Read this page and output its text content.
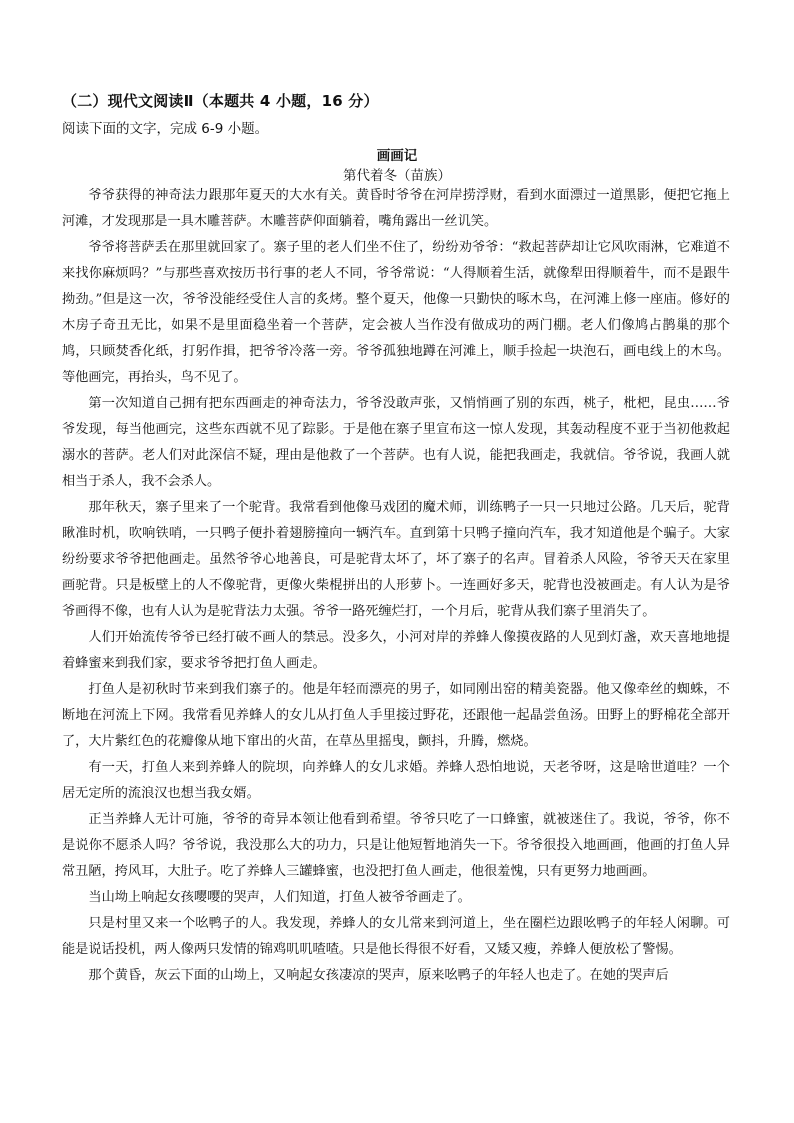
（二）现代文阅读Ⅱ（本题共 4 小题，16 分）
阅读下面的文字，完成 6-9 小题。
画画记
第代着冬（苗族）

爷爷获得的神奇法力跟那年夏天的大水有关。黄昏时爷爷在河岸捞浮财，看到水面漂过一道黑影，便把它拖上河滩，才发现那是一具木雕菩萨。木雕菩萨仰面躺着，嘴角露出一丝讥笑。

爷爷将菩萨丢在那里就回家了。寨子里的老人们坐不住了，纷纷劝爷爷：“救起菩萨却让它风吹雨淋，它难道不来找你麻烦吗？”与那些喜欢按历书行事的老人不同，爷爷常说：“人得顺着生活，就像犁田得顺着牛，而不是跟牛拗劲。”但是这一次，爷爷没能经受住人言的炙烤。整个夏天，他像一只勤快的啄木鸟，在河滩上修一座庙。修好的木房子奇丑无比，如果不是里面稳坐着一个菩萨，定会被人当作没有做成功的两门棚。老人们像鸠占鹊巢的那个鸠，只顾焚香化纸，打躬作揖，把爷爷冷落一旁。爷爷孤独地蹲在河滩上，顺手捡起一块泡石，画电线上的木鸟。等他画完，再抬头，鸟不见了。

第一次知道自己拥有把东西画走的神奇法力，爷爷没敢声张，又悄悄画了别的东西，桃子，枇杷，昆虫……爷爷发现，每当他画完，这些东西就不见了踪影。于是他在寨子里宣布这一惊人发现，其轰动程度不亚于当初他救起溺水的菩萨。老人们对此深信不疑，理由是他救了一个菩萨。也有人说，能把我画走，我就信。爷爷说，我画人就相当于杀人，我不会杀人。

那年秋天，寨子里来了一个驼背。我常看到他像马戏团的魔术师，训练鸭子一只一只地过公路。几天后，驼背瞅准时机，吹响铁哨，一只鸭子便扑着翅膀撞向一辆汽车。直到第十只鸭子撞向汽车，我才知道他是个骗子。大家纷纷要求爷爷把他画走。虽然爷爷心地善良，可是驼背太坏了，坏了寨子的名声。冒着杀人风险，爷爷天天在家里画驼背。只是板壁上的人不像驼背，更像火柴棍拼出的人形萝卜。一连画好多天，驼背也没被画走。有人认为是爷爷画得不像，也有人认为是驼背法力太强。爷爷一路死缠烂打，一个月后，驼背从我们寨子里消失了。

人们开始流传爷爷已经打破不画人的禁忌。没多久，小河对岸的养蜂人像摸夜路的人见到灯盏，欢天喜地地提着蜂蜜来到我们家，要求爷爷把打鱼人画走。

打鱼人是初秋时节来到我们寨子的。他是年轻而漂亮的男子，如同刚出窑的精美瓷器。他又像牵丝的蜘蛛，不断地在河流上下网。我常看见养蜂人的女儿从打鱼人手里接过野花，还跟他一起晶尝鱼汤。田野上的野棉花全部开了，大片紫红色的花瓣像从地下窜出的火苗，在草丛里摇曳，颤抖，升腾，燃烧。

有一天，打鱼人来到养蜂人的院坝，向养蜂人的女儿求婚。养蜂人恐怕地说，天老爷呀，这是啥世道哇？一个居无定所的流浪汉也想当我女婿。

正当养蜂人无计可施，爷爷的奇异本领让他看到希望。爷爷只吃了一口蜂蜜，就被迷住了。我说，爷爷，你不是说你不愿杀人吗？爷爷说，我没那么大的功力，只是让他短暂地消失一下。爷爷很投入地画画，他画的打鱼人异常丑陋，挎风耳，大肚子。吃了养蜂人三罐蜂蜜，也没把打鱼人画走，他很羞愧，只有更努力地画画。

当山坳上响起女孩嘤嘤的哭声，人们知道，打鱼人被爷爷画走了。

只是村里又来一个吆鸭子的人。我发现，养蜂人的女儿常来到河道上，坐在圈栏边跟吆鸭子的年轻人闲聊。可能是说话投机，两人像两只发情的锦鸡叽叽喳喳。只是他长得很不好看，又矮又瘦，养蜂人便放松了警惕。

那个黄昏，灰云下面的山坳上，又响起女孩凄凉的哭声，原来吆鸭子的年轻人也走了。在她的哭声后
